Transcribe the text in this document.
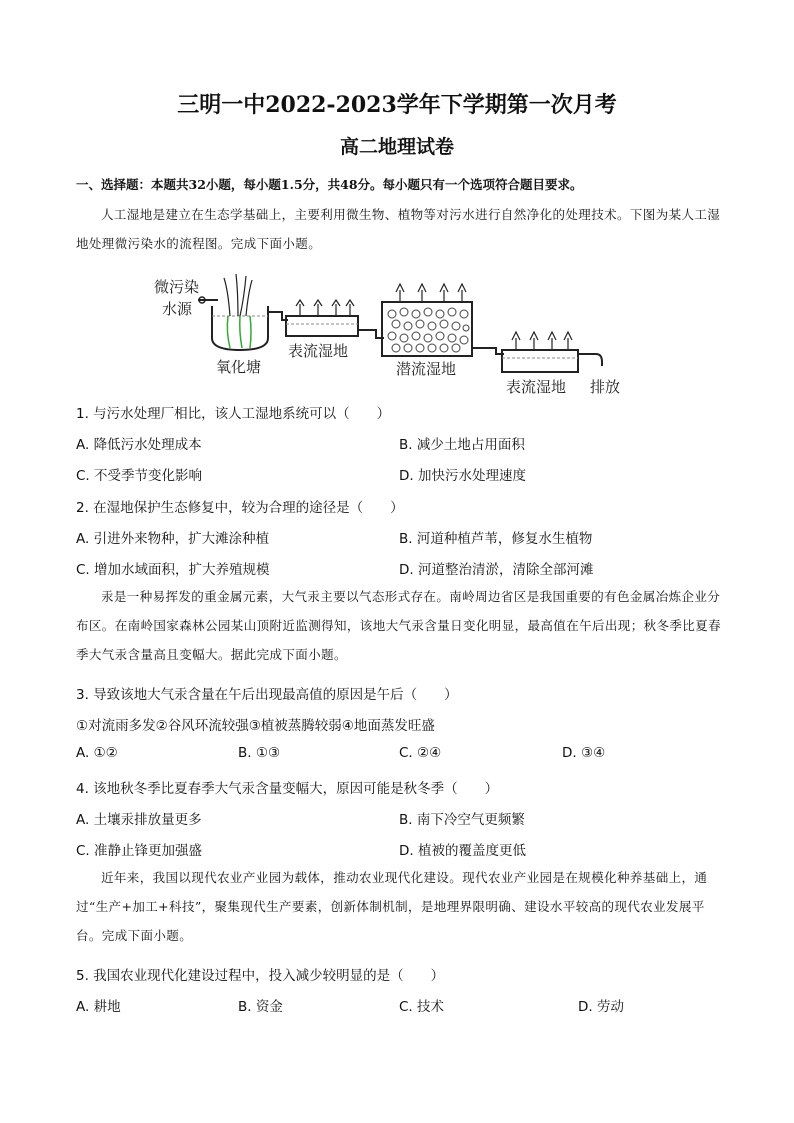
三明一中2022-2023学年下学期第一次月考
高二地理试卷
一、选择题：本题共32小题，每小题1.5分，共48分。每小题只有一个选项符合题目要求。
人工湿地是建立在生态学基础上，主要利用微生物、植物等对污水进行自然净化的处理技术。下图为某人工湿地处理微污染水的流程图。完成下面小题。
微污染
水源
氧化塘
表流湿地
潜流湿地
表流湿地 排放
1. 与污水处理厂相比，该人工湿地系统可以（　　）
A. 降低污水处理成本	B. 减少土地占用面积
C. 不受季节变化影响	D. 加快污水处理速度
2. 在湿地保护生态修复中，较为合理的途径是（　　）
A. 引进外来物种，扩大滩涂种植	B. 河道种植芦苇，修复水生植物
C. 增加水域面积，扩大养殖规模	D. 河道整治清淤，清除全部河滩
汞是一种易挥发的重金属元素，大气汞主要以气态形式存在。南岭周边省区是我国重要的有色金属冶炼企业分布区。在南岭国家森林公园某山顶附近监测得知，该地大气汞含量日变化明显，最高值在午后出现；秋冬季比夏春季大气汞含量高且变幅大。据此完成下面小题。
3. 导致该地大气汞含量在午后出现最高值的原因是午后（　　）
①对流雨多发②谷风环流较强③植被蒸腾较弱④地面蒸发旺盛
A. ①②	B. ①③	C. ②④	D. ③④
4. 该地秋冬季比夏春季大气汞含量变幅大，原因可能是秋冬季（　　）
A. 土壤汞排放量更多	B. 南下冷空气更频繁
C. 准静止锋更加强盛	D. 植被的覆盖度更低
近年来，我国以现代农业产业园为载体，推动农业现代化建设。现代农业产业园是在规模化种养基础上，通过“生产+加工+科技”，聚集现代生产要素，创新体制机制，是地理界限明确、建设水平较高的现代农业发展平台。完成下面小题。
5. 我国农业现代化建设过程中，投入减少较明显的是（　　）
A. 耕地	B. 资金	C. 技术	D. 劳动
